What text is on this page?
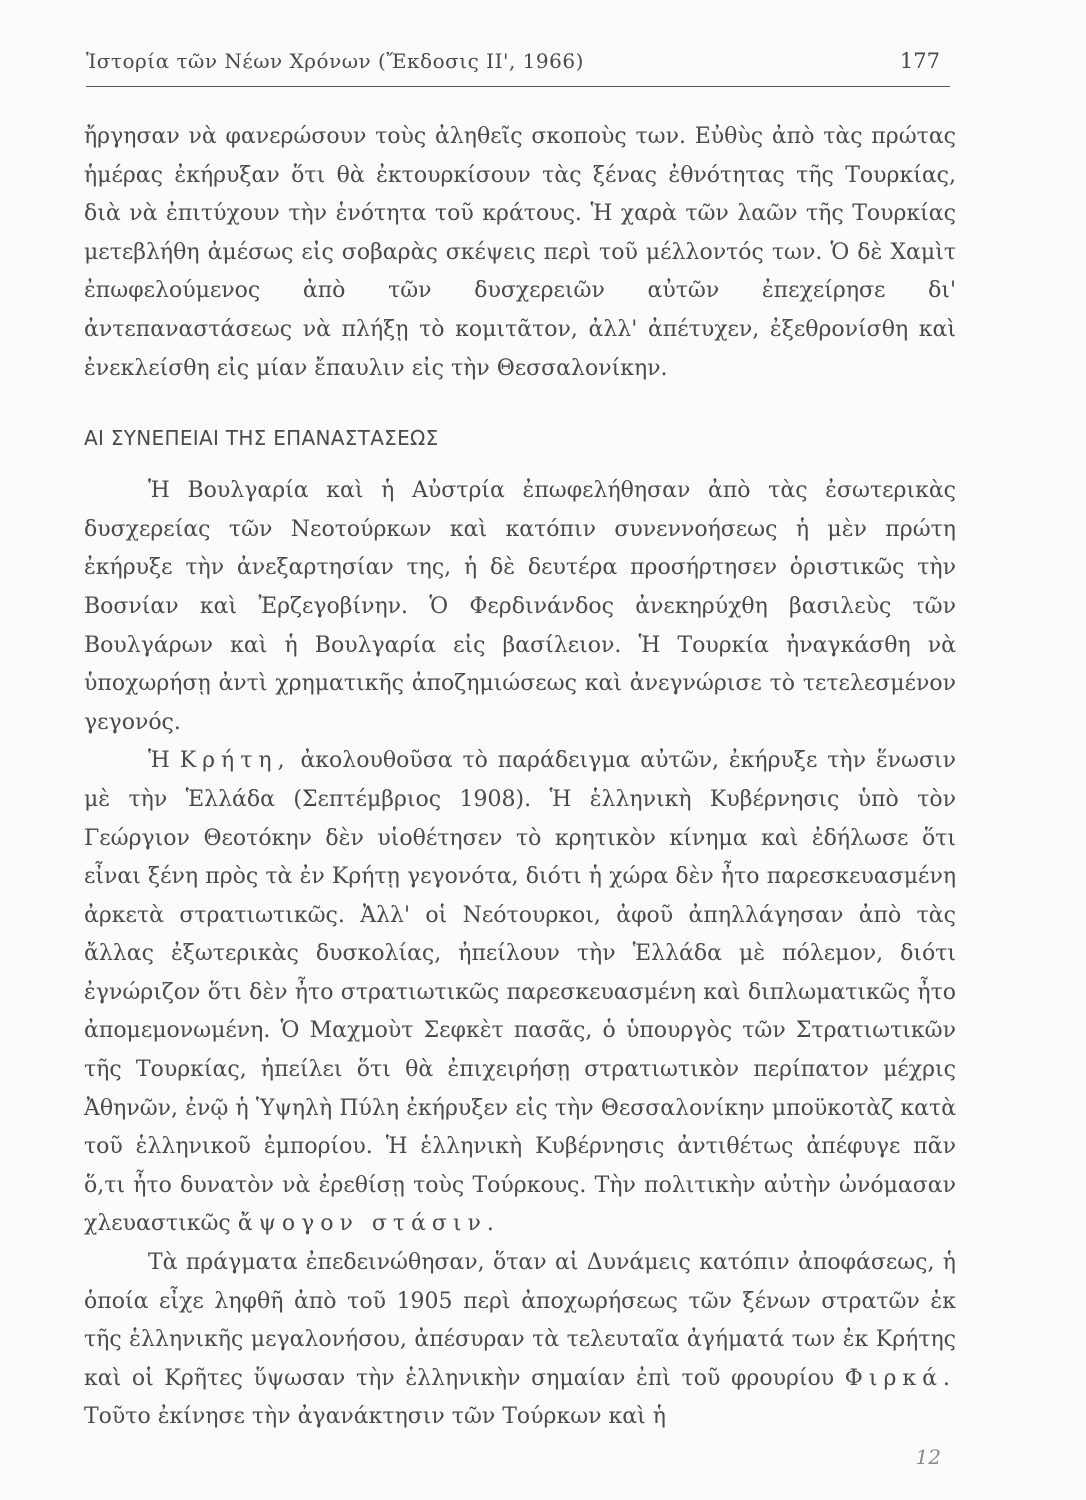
Ἱστορία τῶν Νέων Χρόνων (Ἔκδοσις ΙΙ', 1966)	177

ἤργησαν νὰ φανερώσουν τοὺς ἀληθεῖς σκοποὺς των. Εὐθὺς ἀπὸ τὰς πρώτας ἡμέρας ἐκήρυξαν ὅτι θὰ ἐκτουρκίσουν τὰς ξένας ἐθνότητας τῆς Τουρκίας, διὰ νὰ ἐπιτύχουν τὴν ἑνότητα τοῦ κράτους. Ἡ χαρὰ τῶν λαῶν τῆς Τουρκίας μετεβλήθη ἀμέσως εἰς σοβαρὰς σκέψεις περὶ τοῦ μέλλοντός των. Ὁ δὲ Χαμὶτ ἐπωφελούμενος ἀπὸ τῶν δυσχερειῶν αὐτῶν ἐπεχείρησε δι' ἀντεπαναστάσεως νὰ πλήξῃ τὸ κομιτᾶτον, ἀλλ' ἀπέτυχεν, ἐξεθρονίσθη καὶ ἐνεκλείσθη εἰς μίαν ἔπαυλιν εἰς τὴν Θεσσαλονίκην.

ΑΙ ΣΥΝΕΠΕΙΑΙ ΤΗΣ ΕΠΑΝΑΣΤΑΣΕΩΣ

Ἡ Βουλγαρία καὶ ἡ Αὐστρία ἐπωφελήθησαν ἀπὸ τὰς ἐσωτερικὰς δυσχερείας τῶν Νεοτούρκων καὶ κατόπιν συνεννοήσεως ἡ μὲν πρώτη ἐκήρυξε τὴν ἀνεξαρτησίαν της, ἡ δὲ δευτέρα προσήρτησεν ὁριστικῶς τὴν Βοσνίαν καὶ Ἐρζεγοβίνην. Ὁ Φερδινάνδος ἀνεκηρύχθη βασιλεὺς τῶν Βουλγάρων καὶ ἡ Βουλγαρία εἰς βασίλειον. Ἡ Τουρκία ἠναγκάσθη νὰ ὑποχωρήσῃ ἀντὶ χρηματικῆς ἀποζημιώσεως καὶ ἀνεγνώρισε τὸ τετελεσμένον γεγονός.

Ἡ Κρήτη, ἀκολουθοῦσα τὸ παράδειγμα αὐτῶν, ἐκήρυξε τὴν ἕνωσιν μὲ τὴν Ἑλλάδα (Σεπτέμβριος 1908). Ἡ ἑλληνικὴ Κυβέρνησις ὑπὸ τὸν Γεώργιον Θεοτόκην δὲν υἱοθέτησεν τὸ κρητικὸν κίνημα καὶ ἐδήλωσε ὅτι εἶναι ξένη πρὸς τὰ ἐν Κρήτῃ γεγονότα, διότι ἡ χώρα δὲν ἦτο παρεσκευασμένη ἀρκετὰ στρατιωτικῶς. Ἀλλ' οἱ Νεότουρκοι, ἀφοῦ ἀπηλλάγησαν ἀπὸ τὰς ἄλλας ἐξωτερικὰς δυσκολίας, ἠπείλουν τὴν Ἑλλάδα μὲ πόλεμον, διότι ἐγνώριζον ὅτι δὲν ἦτο στρατιωτικῶς παρεσκευασμένη καὶ διπλωματικῶς ἦτο ἀπομεμονωμένη. Ὁ Μαχμοὺτ Σεφκὲτ πασᾶς, ὁ ὑπουργὸς τῶν Στρατιωτικῶν τῆς Τουρκίας, ἠπείλει ὅτι θὰ ἐπιχειρήσῃ στρατιωτικὸν περίπατον μέχρις Ἀθηνῶν, ἐνῷ ἡ Ὑψηλὴ Πύλη ἐκήρυξεν εἰς τὴν Θεσσαλονίκην μποϋκοτὰζ κατὰ τοῦ ἑλληνικοῦ ἐμπορίου. Ἡ ἑλληνικὴ Κυβέρνησις ἀντιθέτως ἀπέφυγε πᾶν ὅ,τι ἦτο δυνατὸν νὰ ἐρεθίσῃ τοὺς Τούρκους. Τὴν πολιτικὴν αὐτὴν ὠνόμασαν χλευαστικῶς ἄψογον στάσιν.

Τὰ πράγματα ἐπεδεινώθησαν, ὅταν αἱ Δυνάμεις κατόπιν ἀποφάσεως, ἡ ὁποία εἶχε ληφθῆ ἀπὸ τοῦ 1905 περὶ ἀποχωρήσεως τῶν ξένων στρατῶν ἐκ τῆς ἑλληνικῆς μεγαλονήσου, ἀπέσυραν τὰ τελευταῖα ἀγήματά των ἐκ Κρήτης καὶ οἱ Κρῆτες ὕψωσαν τὴν ἑλληνικὴν σημαίαν ἐπὶ τοῦ φρουρίου Φιρκά. Τοῦτο ἐκίνησε τὴν ἀγανάκτησιν τῶν Τούρκων καὶ ἡ

12
